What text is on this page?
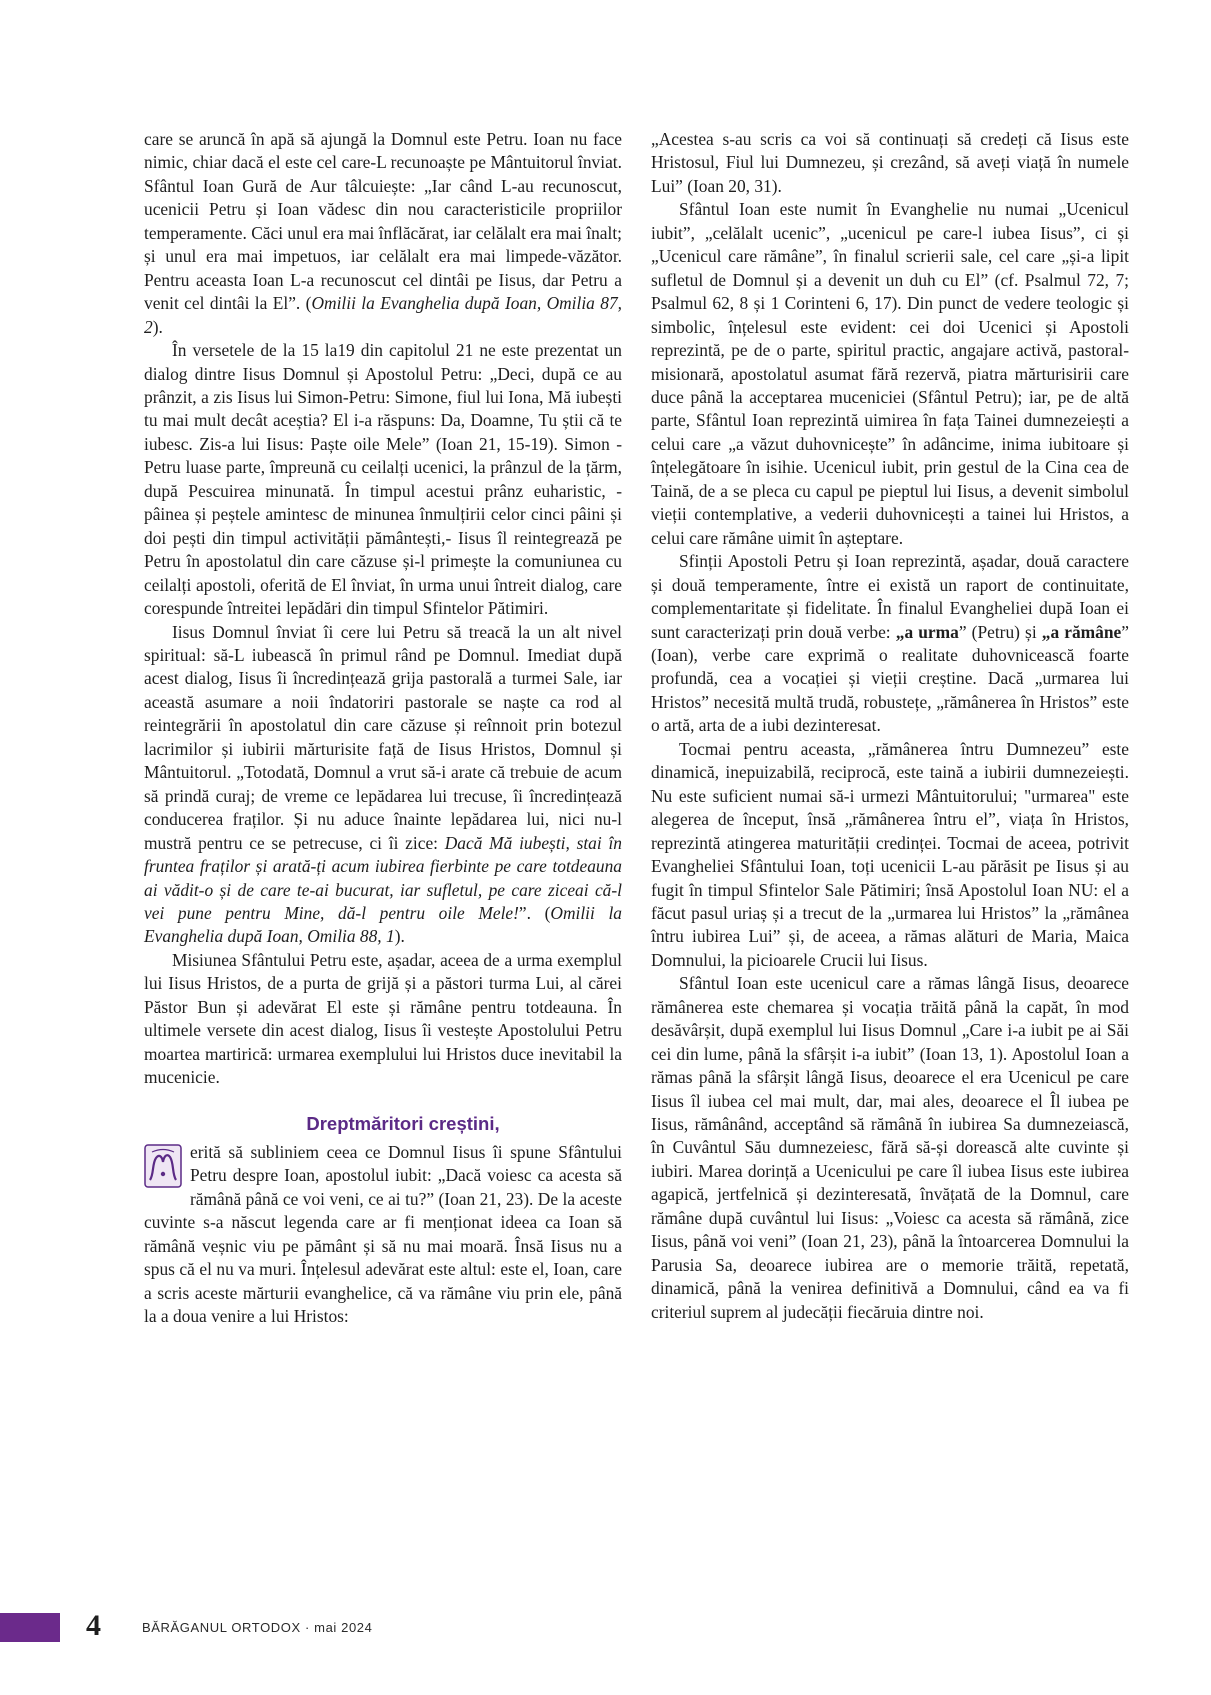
care se aruncă în apă să ajungă la Domnul este Petru. Ioan nu face nimic, chiar dacă el este cel care-L recunoaște pe Mântuitorul înviat. Sfântul Ioan Gură de Aur tâlcuiește: „Iar când L-au recunoscut, ucenicii Petru și Ioan vădesc din nou caracteristicile propriilor temperamente. Căci unul era mai înflăcărat, iar celălalt era mai înalt; și unul era mai impetuos, iar celălalt era mai limpede-văzător. Pentru aceasta Ioan L-a recunoscut cel dintâi pe Iisus, dar Petru a venit cel dintâi la El”. (Omilii la Evanghelia după Ioan, Omilia 87, 2).

În versetele de la 15 la19 din capitolul 21 ne este prezentat un dialog dintre Iisus Domnul și Apostolul Petru: „Deci, după ce au prânzit, a zis Iisus lui Simon-Petru: Simone, fiul lui Iona, Mă iubești tu mai mult decât aceștia? El i-a răspuns: Da, Doamne, Tu știi că te iubesc. Zis-a lui Iisus: Paște oile Mele” (Ioan 21, 15-19). Simon - Petru luase parte, împreună cu ceilalți ucenici, la prânzul de la țărm, după Pescuirea minunată. În timpul acestui prânz euharistic, - pâinea și peștele amintesc de minunea înmulțirii celor cinci pâini și doi pești din timpul activității pământești,- Iisus îl reintegrează pe Petru în apostolatul din care căzuse și-l primește la comuniunea cu ceilalți apostoli, oferită de El înviat, în urma unui întreit dialog, care corespunde întreitei lepădări din timpul Sfintelor Pătimiri.

Iisus Domnul înviat îi cere lui Petru să treacă la un alt nivel spiritual: să-L iubească în primul rând pe Domnul. Imediat după acest dialog, Iisus îi încredințează grija pastorală a turmei Sale, iar această asumare a noii îndatoriri pastorale se naște ca rod al reintegrării în apostolatul din care căzuse și reînnoit prin botezul lacrimilor și iubirii mărturisite față de Iisus Hristos, Domnul și Mântuitorul. „Totodată, Domnul a vrut să-i arate că trebuie de acum să prindă curaj; de vreme ce lepădarea lui trecuse, îi încredințează conducerea fraților. Și nu aduce înainte lepădarea lui, nici nu-l mustră pentru ce se petrecuse, ci îi zice: Dacă Mă iubești, stai în fruntea fraților și arată-ți acum iubirea fierbinte pe care totdeauna ai vădit-o și de care te-ai bucurat, iar sufletul, pe care ziceai că-l vei pune pentru Mine, dă-l pentru oile Mele!”. (Omilii la Evanghelia după Ioan, Omilia 88, 1).

Misiunea Sfântului Petru este, așadar, aceea de a urma exemplul lui Iisus Hristos, de a purta de grijă și a păstori turma Lui, al cărei Păstor Bun și adevărat El este și rămâne pentru totdeauna. În ultimele versete din acest dialog, Iisus îi vestește Apostolului Petru moartea martirică: urmarea exemplului lui Hristos duce inevitabil la mucenicie.

Dreptmăritori creștini,

erită să subliniem ceea ce Domnul Iisus îi spune Sfântului Petru despre Ioan, apostolul iubit: „Dacă voiesc ca acesta să rămână până ce voi veni, ce ai tu?” (Ioan 21, 23). De la aceste cuvinte s-a născut legenda care ar fi menționat ideea ca Ioan să rămână veșnic viu pe pământ și să nu mai moară. Însă Iisus nu a spus că el nu va muri. Înțelesul adevărat este altul: este el, Ioan, care a scris aceste mărturii evanghelice, că va rămâne viu prin ele, până la a doua venire a lui Hristos:

„Acestea s-au scris ca voi să continuați să credeți că Iisus este Hristosul, Fiul lui Dumnezeu, și crezând, să aveți viață în numele Lui” (Ioan 20, 31).

Sfântul Ioan este numit în Evanghelie nu numai „Ucenicul iubit”, „celălalt ucenic”, „ucenicul pe care-l iubea Iisus”, ci și „Ucenicul care rămâne”, în finalul scrierii sale, cel care „și-a lipit sufletul de Domnul și a devenit un duh cu El” (cf. Psalmul 72, 7; Psalmul 62, 8 și 1 Corinteni 6, 17). Din punct de vedere teologic și simbolic, înțelesul este evident: cei doi Ucenici și Apostoli reprezintă, pe de o parte, spiritul practic, angajare activă, pastoral-misionară, apostolatul asumat fără rezervă, piatra mărturisirii care duce până la acceptarea muceniciei (Sfântul Petru); iar, pe de altă parte, Sfântul Ioan reprezintă uimirea în fața Tainei dumnezeiești a celui care „a văzut duhovnicește” în adâncime, inima iubitoare și înțelegătoare în isihie. Ucenicul iubit, prin gestul de la Cina cea de Taină, de a se pleca cu capul pe pieptul lui Iisus, a devenit simbolul vieții contemplative, a vederii duhovnicești a tainei lui Hristos, a celui care rămâne uimit în așteptare.

Sfinții Apostoli Petru și Ioan reprezintă, așadar, două caractere și două temperamente, între ei există un raport de continuitate, complementaritate și fidelitate. În finalul Evangheliei după Ioan ei sunt caracterizați prin două verbe: „a urma” (Petru) și „a rămâne” (Ioan), verbe care exprimă o realitate duhovnicească foarte profundă, cea a vocației și vieții creștine. Dacă „urmarea lui Hristos” necesită multă trudă, robustețe, „rămânerea în Hristos” este o artă, arta de a iubi dezinteresat.

Tocmai pentru aceasta, „rămânerea întru Dumnezeu” este dinamică, inepuizabilă, reciprocă, este taină a iubirii dumnezeiești. Nu este suficient numai să-i urmezi Mântuitorului; "urmarea" este alegerea de început, însă „rămânerea întru el”, viața în Hristos, reprezintă atingerea maturității credinței. Tocmai de aceea, potrivit Evangheliei Sfântului Ioan, toți ucenicii L-au părăsit pe Iisus și au fugit în timpul Sfintelor Sale Pătimiri; însă Apostolul Ioan NU: el a făcut pasul uriaș și a trecut de la „urmarea lui Hristos” la „rămânea întru iubirea Lui” și, de aceea, a rămas alături de Maria, Maica Domnului, la picioarele Crucii lui Iisus.

Sfântul Ioan este ucenicul care a rămas lângă Iisus, deoarece rămânerea este chemarea și vocația trăită până la capăt, în mod desăvârșit, după exemplul lui Iisus Domnul „Care i-a iubit pe ai Săi cei din lume, până la sfârșit i-a iubit” (Ioan 13, 1). Apostolul Ioan a rămas până la sfârșit lângă Iisus, deoarece el era Ucenicul pe care Iisus îl iubea cel mai mult, dar, mai ales, deoarece el Îl iubea pe Iisus, rămânând, acceptând să rămână în iubirea Sa dumnezeiască, în Cuvântul Său dumnezeiesc, fără să-și dorească alte cuvinte și iubiri. Marea dorință a Ucenicului pe care îl iubea Iisus este iubirea agapică, jertfelnică și dezinteresată, învățată de la Domnul, care rămâne după cuvântul lui Iisus: „Voiesc ca acesta să rămână, zice Iisus, până voi veni” (Ioan 21, 23), până la întoarcerea Domnului la Parusia Sa, deoarece iubirea are o memorie trăită, repetată, dinamică, până la venirea definitivă a Domnului, când ea va fi criteriul suprem al judecății fiecăruia dintre noi.

4	BĂRĂGANUL ORTODOX · mai 2024
